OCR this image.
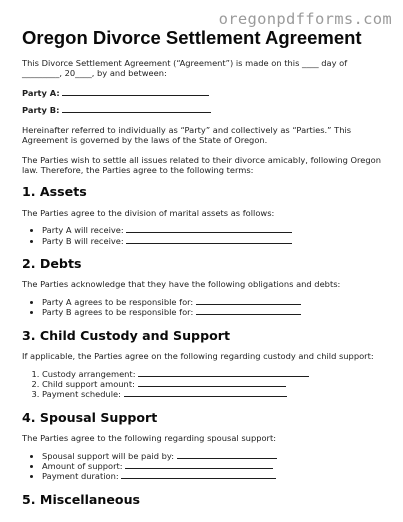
oregonpdfforms.com
Oregon Divorce Settlement Agreement

This Divorce Settlement Agreement (“Agreement”) is made on this ____ day of _________, 20____, by and between:

Party A:
Party B:

Hereinafter referred to individually as “Party” and collectively as “Parties.” This Agreement is governed by the laws of the State of Oregon.

The Parties wish to settle all issues related to their divorce amicably, following Oregon law. Therefore, the Parties agree to the following terms:

1. Assets

The Parties agree to the division of marital assets as follows:

• Party A will receive:
• Party B will receive:
2. Debts

The Parties acknowledge that they have the following obligations and debts:

• Party A agrees to be responsible for:
• Party B agrees to be responsible for:
3. Child Custody and Support

If applicable, the Parties agree on the following regarding custody and child support:

1. Custody arrangement:
2. Child support amount:
3. Payment schedule:
4. Spousal Support

The Parties agree to the following regarding spousal support:

• Spousal support will be paid by:
• Amount of support:
• Payment duration:
5. Miscellaneous
